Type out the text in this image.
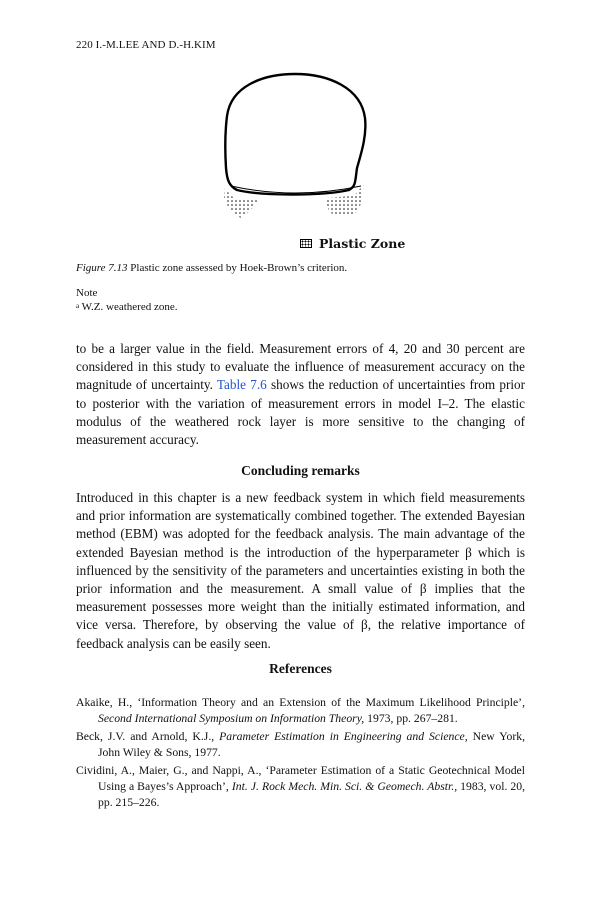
220 I.-M.LEE AND D.-H.KIM
Plastic Zone
Figure 7.13 Plastic zone assessed by Hoek-Brown’s criterion.
Note
$^a$ W.Z. weathered zone.
to be a larger value in the field. Measurement errors of 4, 20 and 30 percent are considered in this study to evaluate the influence of measurement accuracy on the magnitude of uncertainty. Table 7.6 shows the reduction of uncertainties from prior to posterior with the variation of measurement errors in model I–2. The elastic modulus of the weathered rock layer is more sensitive to the changing of measurement accuracy.
Concluding remarks
Introduced in this chapter is a new feedback system in which field measurements and prior information are systematically combined together. The extended Bayesian method (EBM) was adopted for the feedback analysis. The main advantage of the extended Bayesian method is the introduction of the hyperparameter β which is influenced by the sensitivity of the parameters and uncertainties existing in both the prior information and the measurement. A small value of β implies that the measurement possesses more weight than the initially estimated information, and vice versa. Therefore, by observing the value of β, the relative importance of feedback analysis can be easily seen.
References
Akaike, H., ‘Information Theory and an Extension of the Maximum Likelihood Principle’, Second International Symposium on Information Theory, 1973, pp. 267–281.
Beck, J.V. and Arnold, K.J., Parameter Estimation in Engineering and Science, New York, John Wiley & Sons, 1977.
Cividini, A., Maier, G., and Nappi, A., ‘Parameter Estimation of a Static Geotechnical Model Using a Bayes’s Approach’, Int. J. Rock Mech. Min. Sci. & Geomech. Abstr., 1983, vol. 20, pp. 215–226.
